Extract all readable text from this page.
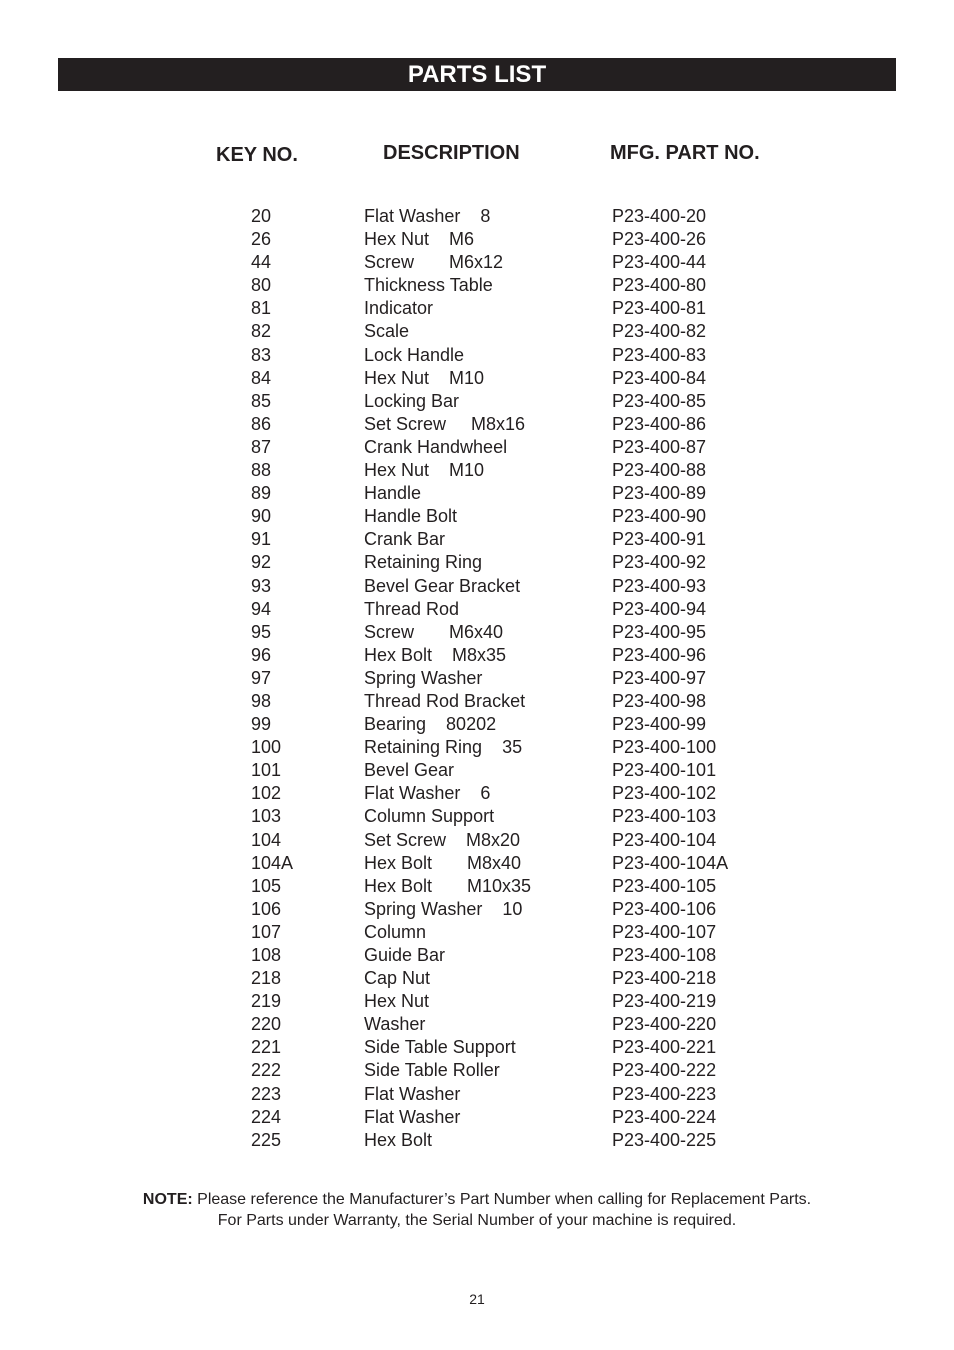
PARTS LIST
KEY NO.	DESCRIPTION	MFG. PART NO.
20	Flat Washer    8	P23-400-20
26	Hex Nut    M6	P23-400-26
44	Screw       M6x12	P23-400-44
80	Thickness Table	P23-400-80
81	Indicator	P23-400-81
82	Scale	P23-400-82
83	Lock Handle	P23-400-83
84	Hex Nut    M10	P23-400-84
85	Locking Bar	P23-400-85
86	Set Screw     M8x16	P23-400-86
87	Crank Handwheel	P23-400-87
88	Hex Nut    M10	P23-400-88
89	Handle	P23-400-89
90	Handle Bolt	P23-400-90
91	Crank Bar	P23-400-91
92	Retaining Ring	P23-400-92
93	Bevel Gear Bracket	P23-400-93
94	Thread Rod	P23-400-94
95	Screw       M6x40	P23-400-95
96	Hex Bolt    M8x35	P23-400-96
97	Spring Washer	P23-400-97
98	Thread Rod Bracket	P23-400-98
99	Bearing    80202	P23-400-99
100	Retaining Ring    35	P23-400-100
101	Bevel Gear	P23-400-101
102	Flat Washer    6	P23-400-102
103	Column Support	P23-400-103
104	Set Screw    M8x20	P23-400-104
104A	Hex Bolt       M8x40	P23-400-104A
105	Hex Bolt       M10x35	P23-400-105
106	Spring Washer    10	P23-400-106
107	Column	P23-400-107
108	Guide Bar	P23-400-108
218	Cap Nut	P23-400-218
219	Hex Nut	P23-400-219
220	Washer	P23-400-220
221	Side Table Support	P23-400-221
222	Side Table Roller	P23-400-222
223	Flat Washer	P23-400-223
224	Flat Washer	P23-400-224
225	Hex Bolt	P23-400-225
NOTE: Please reference the Manufacturer’s Part Number when calling for Replacement Parts.
For Parts under Warranty, the Serial Number of your machine is required.
21
